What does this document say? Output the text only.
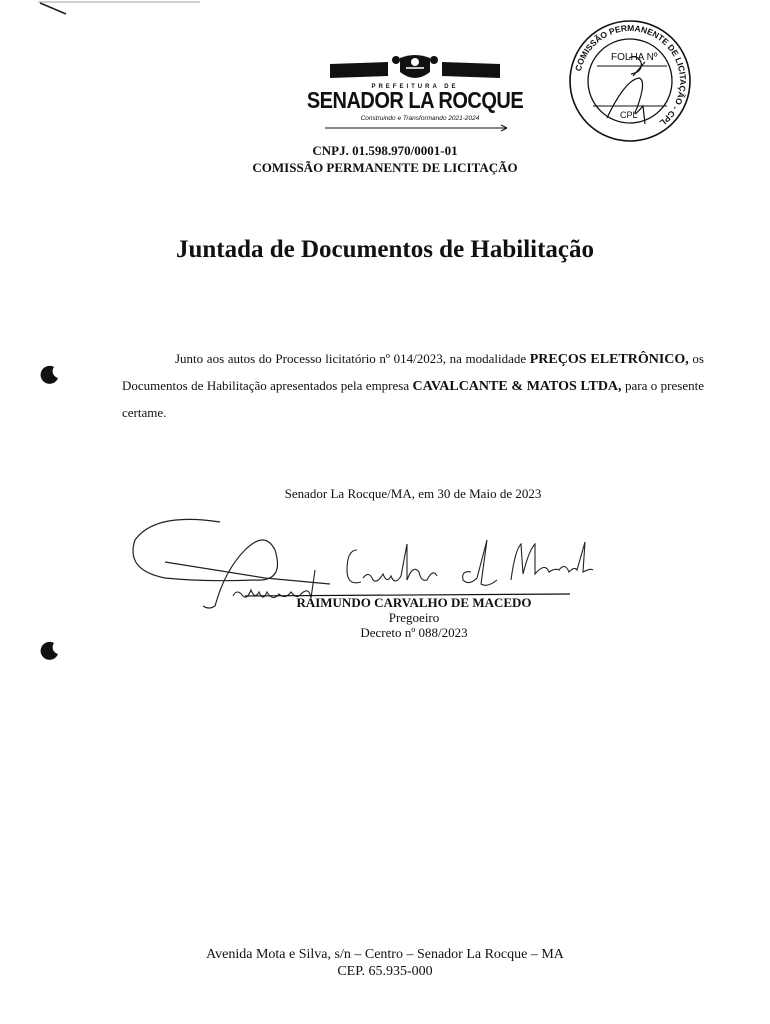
PREFEITURA DE
SENADOR LA ROCQUE
Construindo e Transformando 2021-2024
COMISSÃO PERMANENTE DE LICITAÇÃO - CPL
FOLHA Nº
CPL
CNPJ. 01.598.970/0001-01
COMISSÃO PERMANENTE DE LICITAÇÃO
Juntada de Documentos de Habilitação
Junto aos autos do Processo licitatório nº 014/2023, na modalidade PREÇOS ELETRÔNICO, os Documentos de Habilitação apresentados pela empresa CAVALCANTE & MATOS LTDA, para o presente certame.
Senador La Rocque/MA, em 30 de Maio de 2023
RAIMUNDO CARVALHO DE MACEDO
Pregoeiro
Decreto nº 088/2023
Avenida Mota e Silva, s/n – Centro – Senador La Rocque – MA
CEP. 65.935-000
